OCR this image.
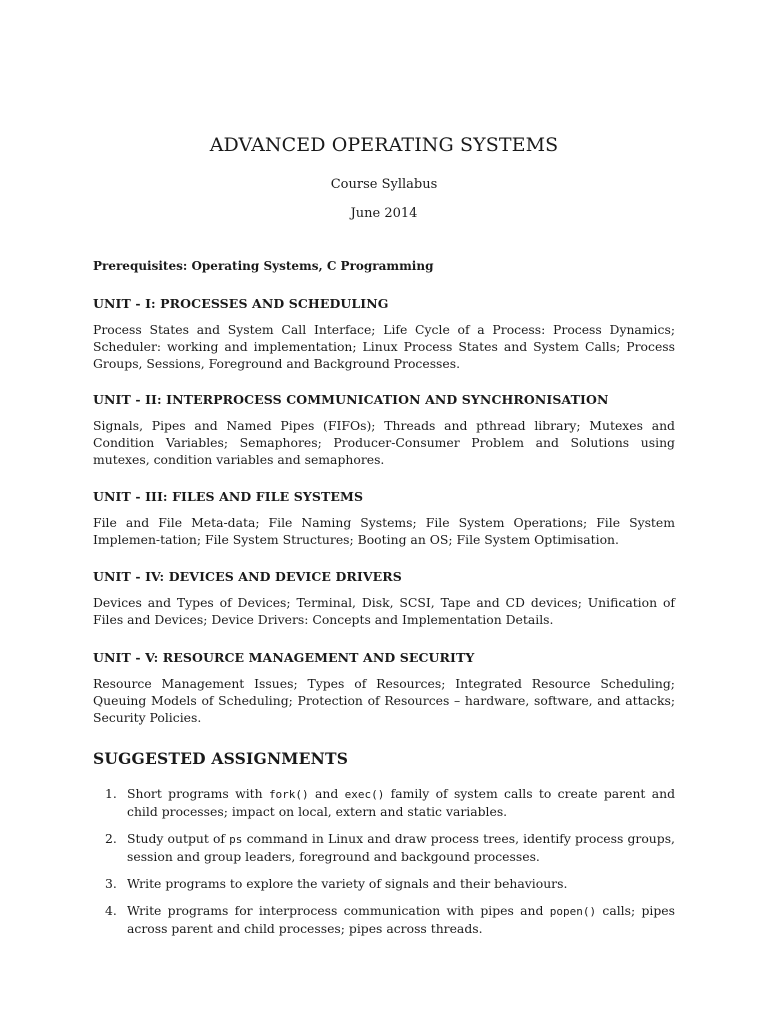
ADVANCED OPERATING SYSTEMS

Course Syllabus

June 2014

Prerequisites: Operating Systems, C Programming

UNIT - I: PROCESSES AND SCHEDULING

Process States and System Call Interface; Life Cycle of a Process: Process Dynamics; Scheduler: working and implementation; Linux Process States and System Calls; Process Groups, Sessions, Foreground and Background Processes.

UNIT - II: INTERPROCESS COMMUNICATION AND SYNCHRONISATION

Signals, Pipes and Named Pipes (FIFOs); Threads and pthread library; Mutexes and Condition Variables; Semaphores; Producer-Consumer Problem and Solutions using mutexes, condition variables and semaphores.

UNIT - III: FILES AND FILE SYSTEMS

File and File Meta-data; File Naming Systems; File System Operations; File System Implemen-tation; File System Structures; Booting an OS; File System Optimisation.

UNIT - IV: DEVICES AND DEVICE DRIVERS

Devices and Types of Devices; Terminal, Disk, SCSI, Tape and CD devices; Unification of Files and Devices; Device Drivers: Concepts and Implementation Details.

UNIT - V: RESOURCE MANAGEMENT AND SECURITY

Resource Management Issues; Types of Resources; Integrated Resource Scheduling; Queuing Models of Scheduling; Protection of Resources – hardware, software, and attacks; Security Policies.

SUGGESTED ASSIGNMENTS
1. Short programs with fork() and exec() family of system calls to create parent and child processes; impact on local, extern and static variables.
2. Study output of ps command in Linux and draw process trees, identify process groups, session and group leaders, foreground and backgound processes.
3. Write programs to explore the variety of signals and their behaviours.
4. Write programs for interprocess communication with pipes and popen() calls; pipes across parent and child processes; pipes across threads.
